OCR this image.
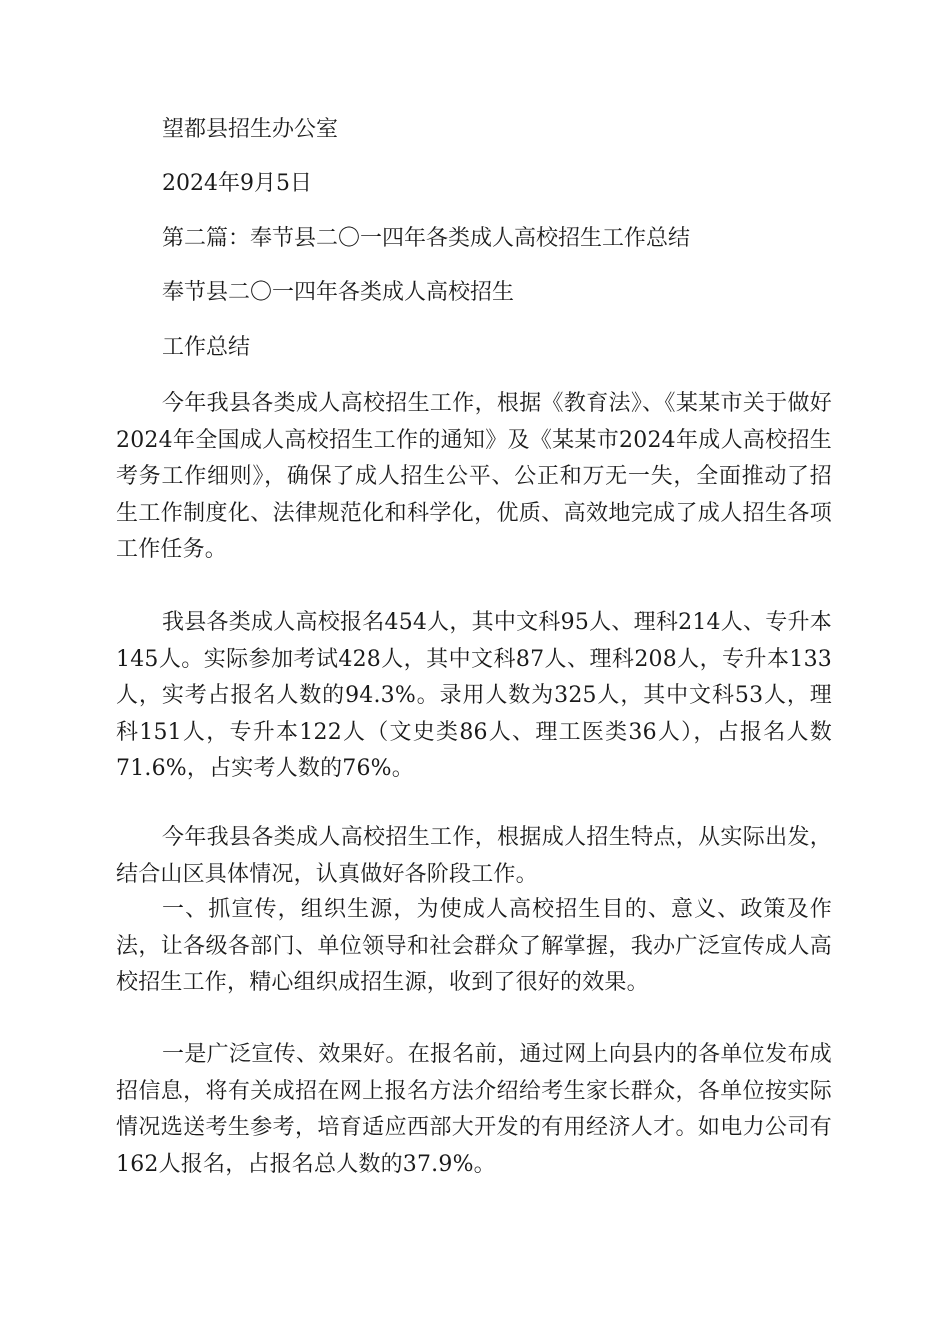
望都县招生办公室

2024年9月5日

第二篇：奉节县二〇一四年各类成人高校招生工作总结

奉节县二〇一四年各类成人高校招生

工作总结

今年我县各类成人高校招生工作，根据《教育法》、《某某市关于做好2024年全国成人高校招生工作的通知》及《某某市2024年成人高校招生考务工作细则》，确保了成人招生公平、公正和万无一失，全面推动了招生工作制度化、法律规范化和科学化，优质、高效地完成了成人招生各项工作任务。

我县各类成人高校报名454人，其中文科95人、理科214人、专升本145人。实际参加考试428人，其中文科87人、理科208人，专升本133人，实考占报名人数的94.3%。录用人数为325人，其中文科53人，理科151人，专升本122人（文史类86人、理工医类36人），占报名人数71.6%，占实考人数的76%。

今年我县各类成人高校招生工作，根据成人招生特点，从实际出发，结合山区具体情况，认真做好各阶段工作。

一、抓宣传，组织生源，为使成人高校招生目的、意义、政策及作法，让各级各部门、单位领导和社会群众了解掌握，我办广泛宣传成人高校招生工作，精心组织成招生源，收到了很好的效果。

一是广泛宣传、效果好。在报名前，通过网上向县内的各单位发布成招信息，将有关成招在网上报名方法介绍给考生家长群众，各单位按实际情况选送考生参考，培育适应西部大开发的有用经济人才。如电力公司有162人报名，占报名总人数的37.9%。
